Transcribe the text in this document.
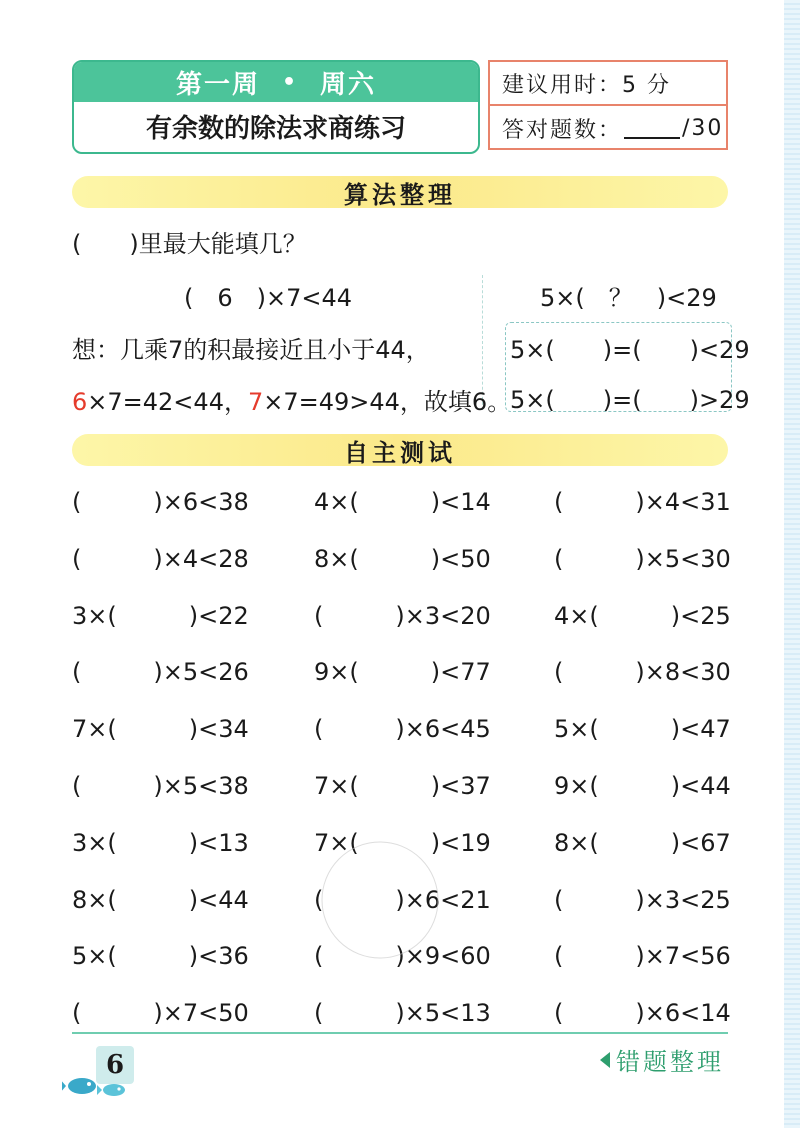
第一周 • 周六
有余数的除法求商练习
建议用时：5 分
答对题数：	/30
算法整理
(　　)里最大能填几？
(　6　)×7<44	5×(　？　)<29
想：几乘7的积最接近且小于44，
6×7=42<44，7×7=49>44，故填6。
5×(　　)=(　　)<29
5×(　　)=(　　)>29
自主测试
(　　　)×6<38	4×(　　　)<14	(　　　)×4<31
(　　　)×4<28	8×(　　　)<50	(　　　)×5<30
3×(　　　)<22	(　　　)×3<20	4×(　　　)<25
(　　　)×5<26	9×(　　　)<77	(　　　)×8<30
7×(　　　)<34	(　　　)×6<45	5×(　　　)<47
(　　　)×5<38	7×(　　　)<37	9×(　　　)<44
3×(　　　)<13	7×(　　　)<19	8×(　　　)<67
8×(　　　)<44	(　　　)×6<21	(　　　)×3<25
5×(　　　)<36	(　　　)×9<60	(　　　)×7<56
(　　　)×7<50	(　　　)×5<13	(　　　)×6<14
6	错题整理
